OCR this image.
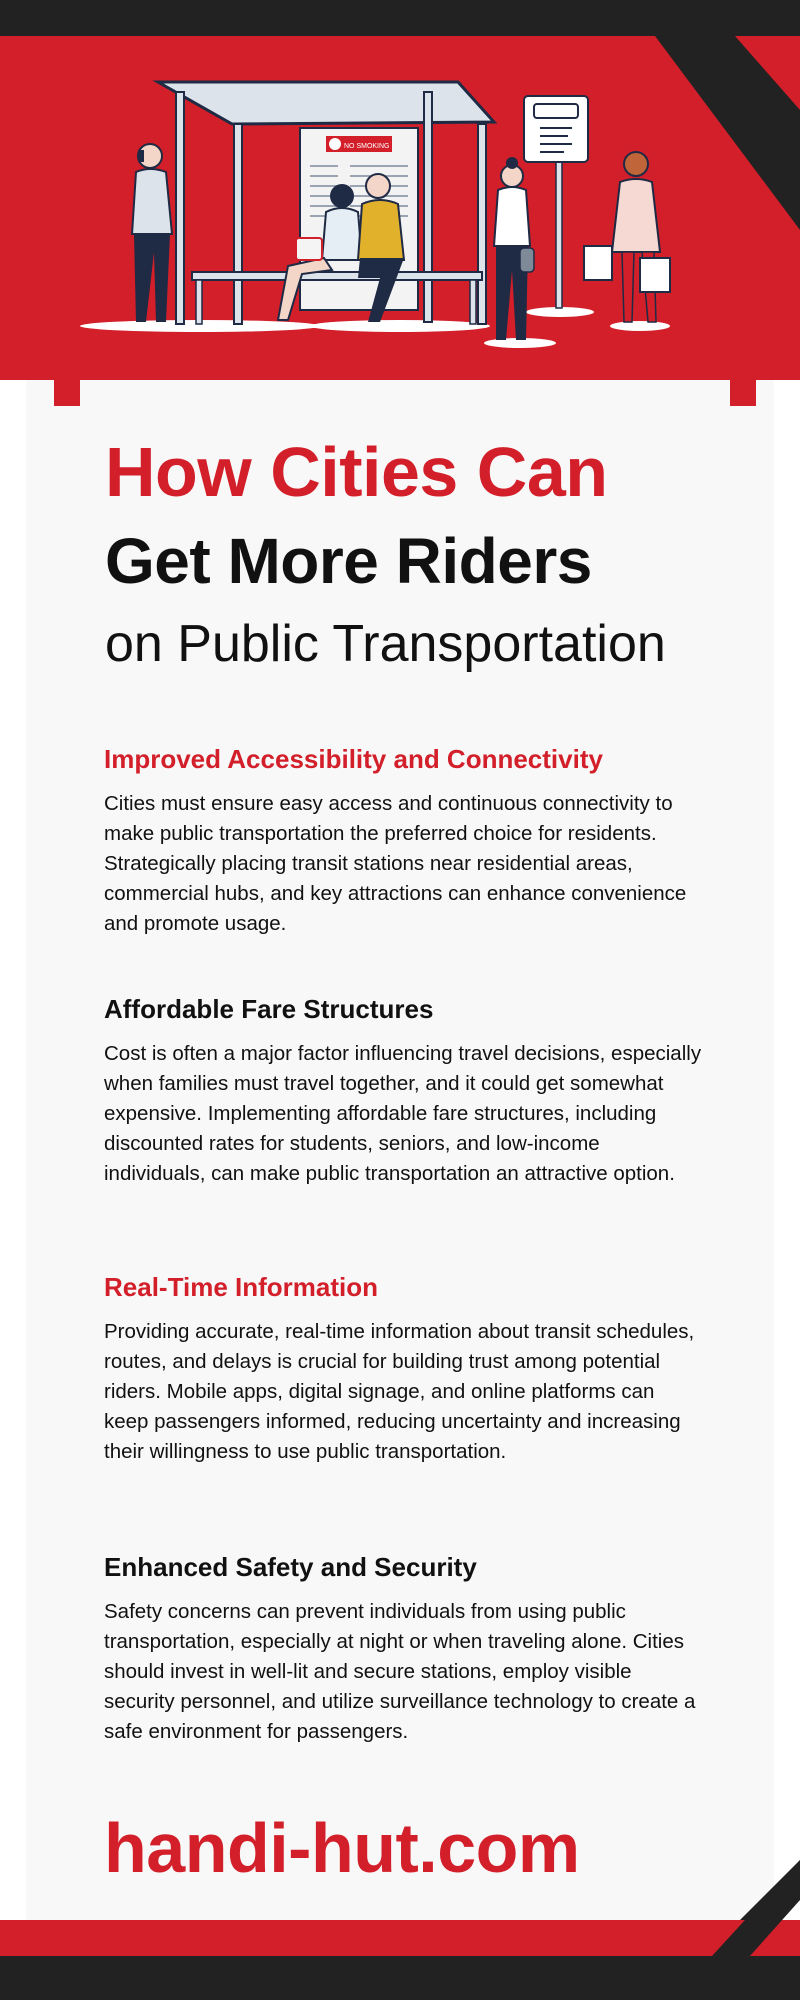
NO SMOKING
How Cities Can
Get More Riders
on Public Transportation
Improved Accessibility and Connectivity

Cities must ensure easy access and continuous connectivity to make public transportation the preferred choice for residents. Strategically placing transit stations near residential areas, commercial hubs, and key attractions can enhance convenience and promote usage.

Affordable Fare Structures

Cost is often a major factor influencing travel decisions, especially when families must travel together, and it could get somewhat expensive. Implementing affordable fare structures, including discounted rates for students, seniors, and low-income individuals, can make public transportation an attractive option.

Real-Time Information

Providing accurate, real-time information about transit schedules, routes, and delays is crucial for building trust among potential riders. Mobile apps, digital signage, and online platforms can keep passengers informed, reducing uncertainty and increasing their willingness to use public transportation.

Enhanced Safety and Security

Safety concerns can prevent individuals from using public transportation, especially at night or when traveling alone. Cities should invest in well-lit and secure stations, employ visible security personnel, and utilize surveillance technology to create a safe environment for passengers.

handi-hut.com
